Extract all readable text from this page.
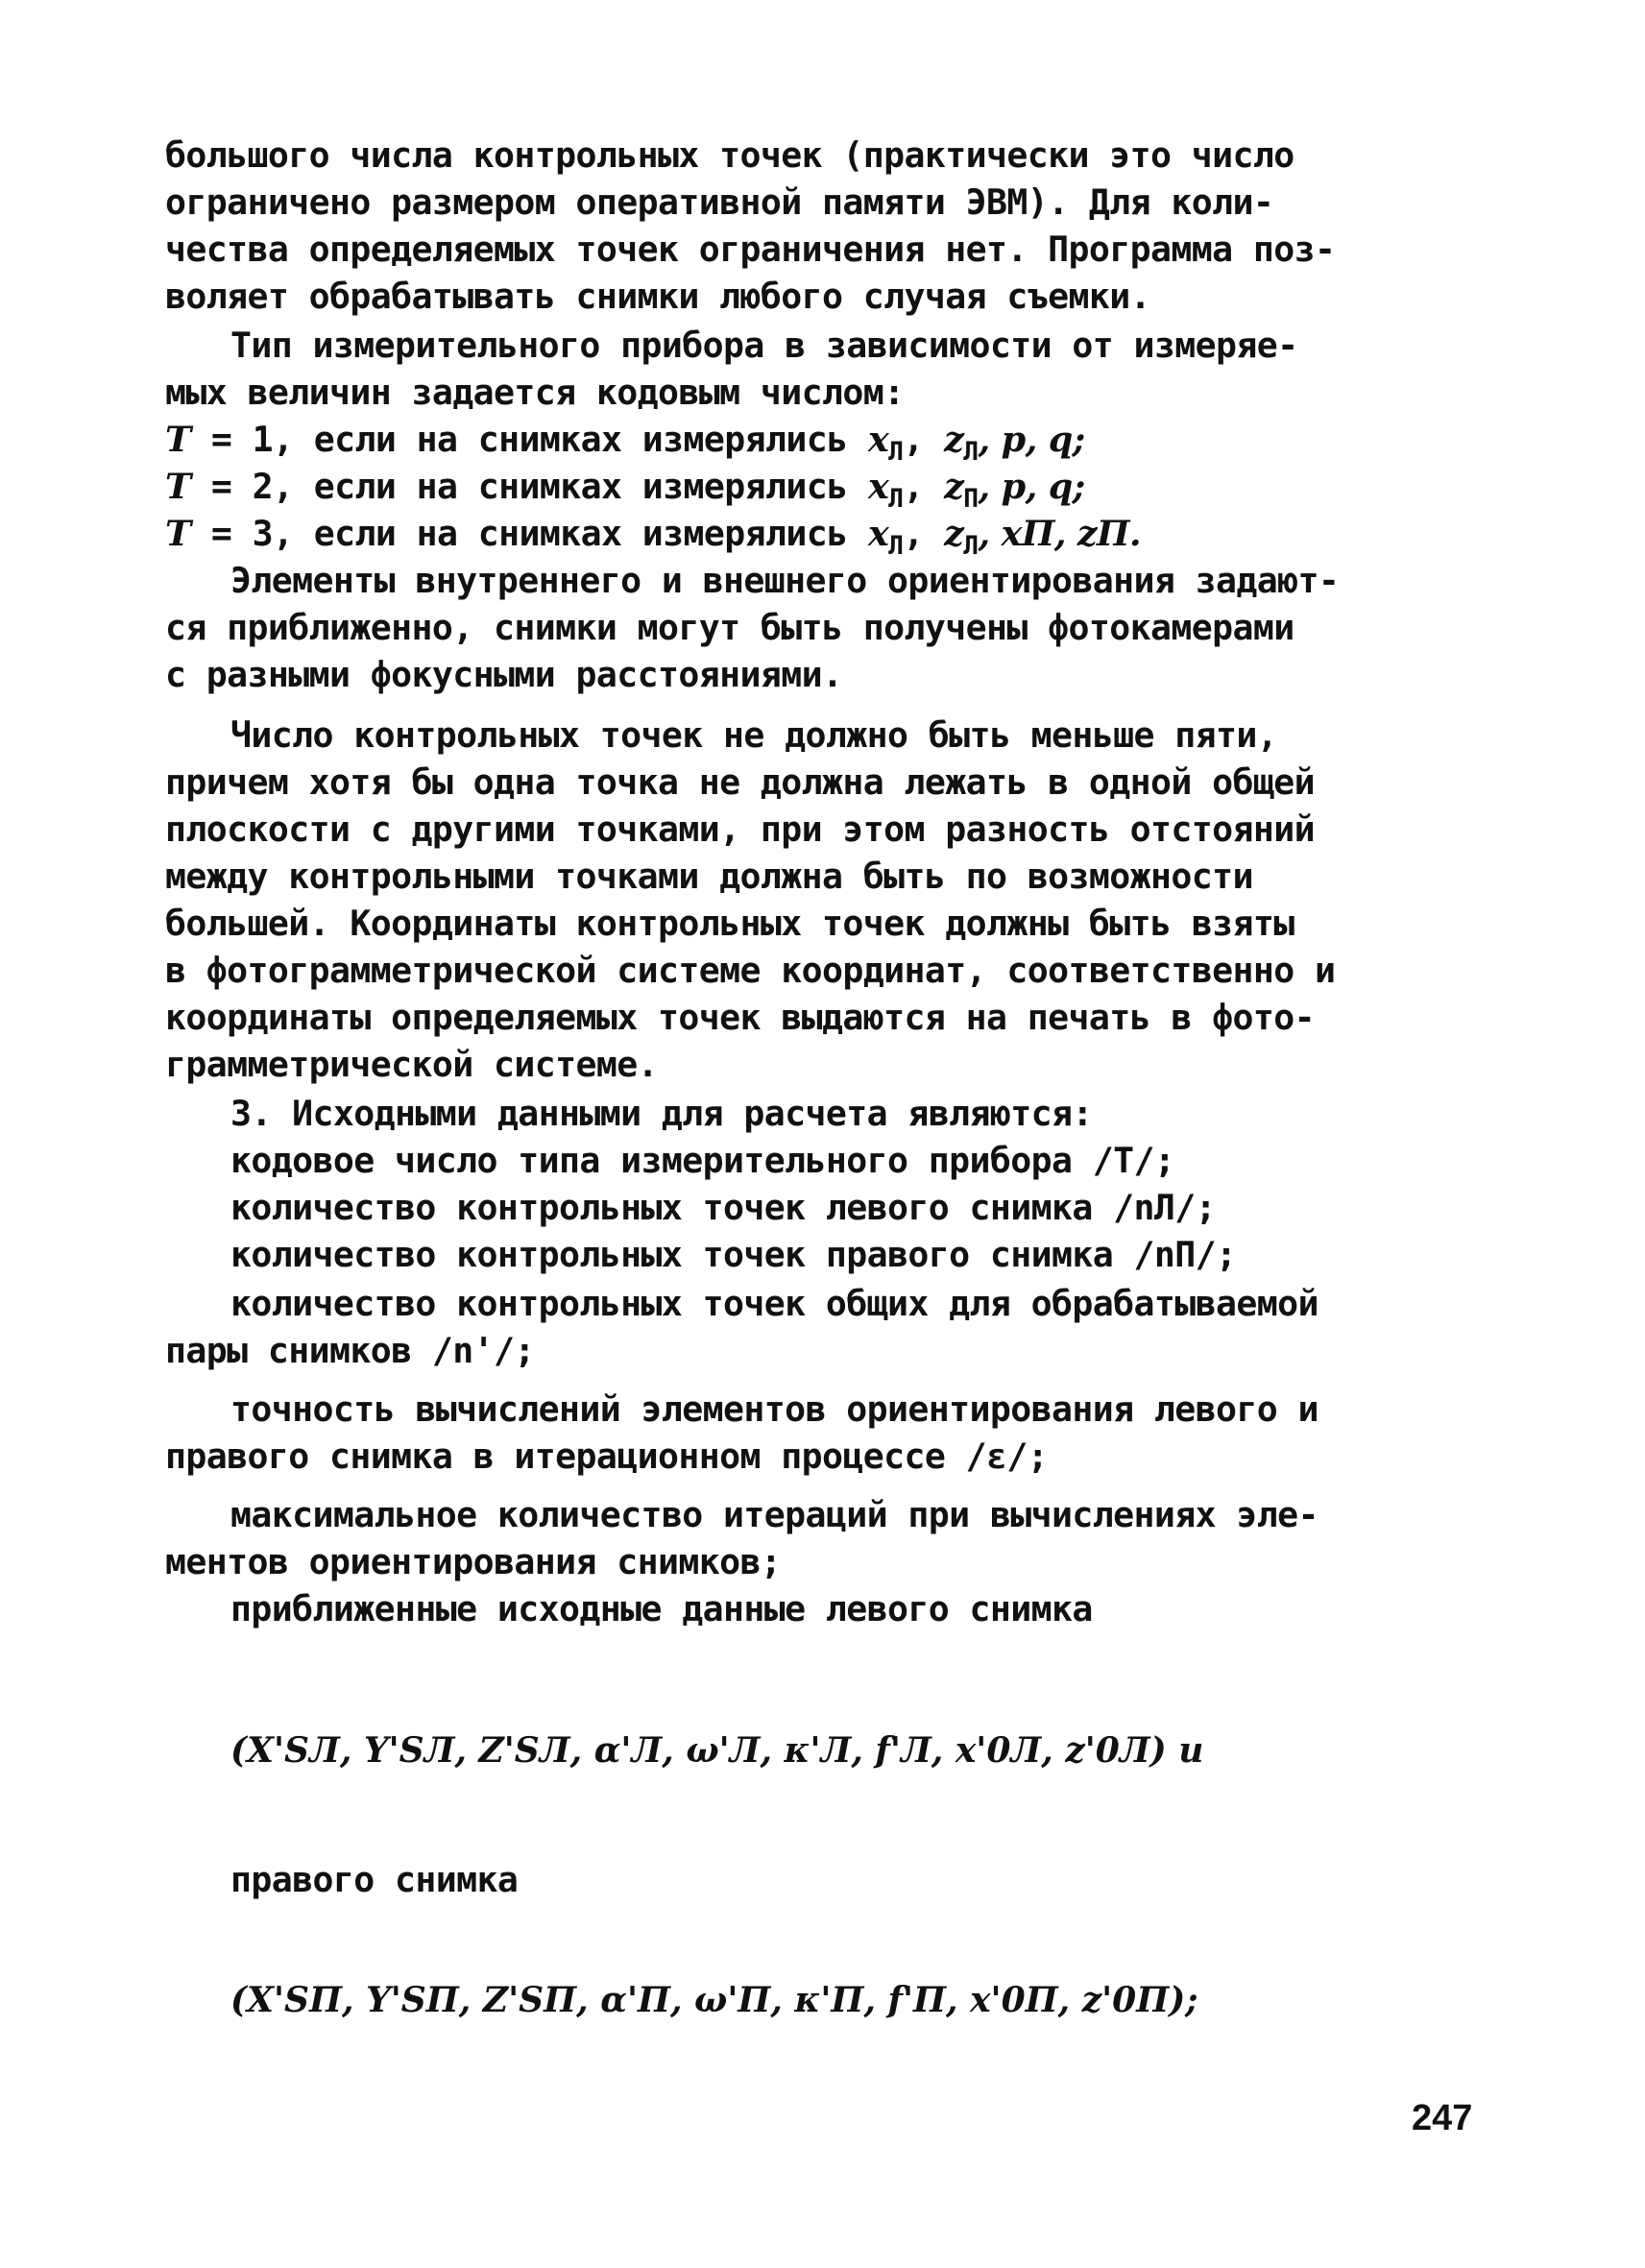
большого числа контрольных точек (практически это число
ограничено размером оперативной памяти ЭВМ). Для коли-
чества определяемых точек ограничения нет. Программа поз-
воляет обрабатывать снимки любого случая съемки.
Тип измерительного прибора в зависимости от измеряе-
мых величин задается кодовым числом:
T = 1, если на снимках измерялись $x_Л$, $z_Л$, p, q;
T = 2, если на снимках измерялись $x_Л$, $z_П$, p, q;
T = 3, если на снимках измерялись $x_Л$, $z_Л$, xП, zП.
Элементы внутреннего и внешнего ориентирования задают-
ся приближенно, снимки могут быть получены фотокамерами
с разными фокусными расстояниями.
Число контрольных точек не должно быть меньше пяти,
причем хотя бы одна точка не должна лежать в одной общей
плоскости с другими точками, при этом разность отстояний
между контрольными точками должна быть по возможности
большей. Координаты контрольных точек должны быть взяты
в фотограмметрической системе координат, соответственно и
координаты определяемых точек выдаются на печать в фото-
грамметрической системе.
3. Исходными данными для расчета являются:
кодовое число типа измерительного прибора /T/;
количество контрольных точек левого снимка /nЛ/;
количество контрольных точек правого снимка /nП/;
количество контрольных точек общих для обрабатываемой
пары снимков /n'/;
точность вычислений элементов ориентирования левого и
правого снимка в итерационном процессе /ε/;
максимальное количество итераций при вычислениях эле-
ментов ориентирования снимков;
приближенные исходные данные левого снимка
(X'SЛ, Y'SЛ, Z'SЛ, α'Л, ω'Л, κ'Л, f'Л, x'0Л, z'0Л) и
правого снимка
(X'SП, Y'SП, Z'SП, α'П, ω'П, κ'П, f'П, x'0П, z'0П);
247
